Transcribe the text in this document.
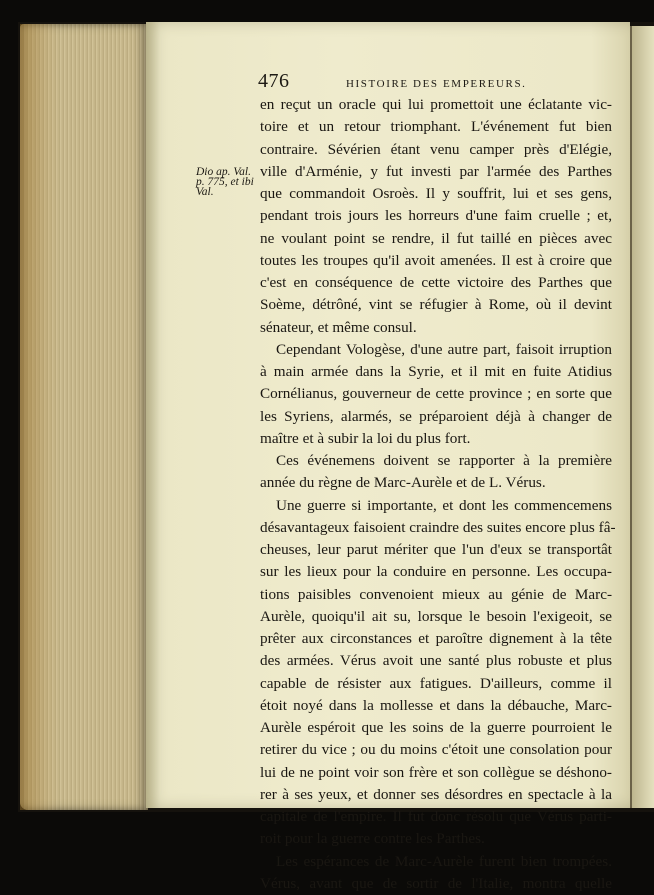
476	HISTOIRE DES EMPEREURS.
Dio ap. Val.
p. 775, et ibi
Val.
en reçut un oracle qui lui promettoit une éclatante vic-
toire et un retour triomphant. L'événement fut bien
contraire. Sévérien étant venu camper près d'Elégie,
ville d'Arménie, y fut investi par l'armée des Parthes
que commandoit Osroès. Il y souffrit, lui et ses gens,
pendant trois jours les horreurs d'une faim cruelle ; et,
ne voulant point se rendre, il fut taillé en pièces avec
toutes les troupes qu'il avoit amenées. Il est à croire que
c'est en conséquence de cette victoire des Parthes que
Soème, détrôné, vint se réfugier à Rome, où il devint
sénateur, et même consul.
Cependant Vologèse, d'une autre part, faisoit irruption
à main armée dans la Syrie, et il mit en fuite Atidius
Cornélianus, gouverneur de cette province ; en sorte que
les Syriens, alarmés, se préparoient déjà à changer de
maître et à subir la loi du plus fort.
Ces événemens doivent se rapporter à la première
année du règne de Marc-Aurèle et de L. Vérus.
Une guerre si importante, et dont les commencemens
désavantageux faisoient craindre des suites encore plus fâ-
cheuses, leur parut mériter que l'un d'eux se transportât
sur les lieux pour la conduire en personne. Les occupa-
tions paisibles convenoient mieux au génie de Marc-
Aurèle, quoiqu'il ait su, lorsque le besoin l'exigeoit, se
prêter aux circonstances et paroître dignement à la tête
des armées. Vérus avoit une santé plus robuste et plus
capable de résister aux fatigues. D'ailleurs, comme il
étoit noyé dans la mollesse et dans la débauche, Marc-
Aurèle espéroit que les soins de la guerre pourroient le
retirer du vice ; ou du moins c'étoit une consolation pour
lui de ne point voir son frère et son collègue se déshono-
rer à ses yeux, et donner ses désordres en spectacle à la
capitale de l'empire. Il fut donc résolu que Vérus parti-
roit pour la guerre contre les Parthes.
Les espérances de Marc-Aurèle furent bien trompées.
Vérus, avant que de sortir de l'Italie, montra quelle
